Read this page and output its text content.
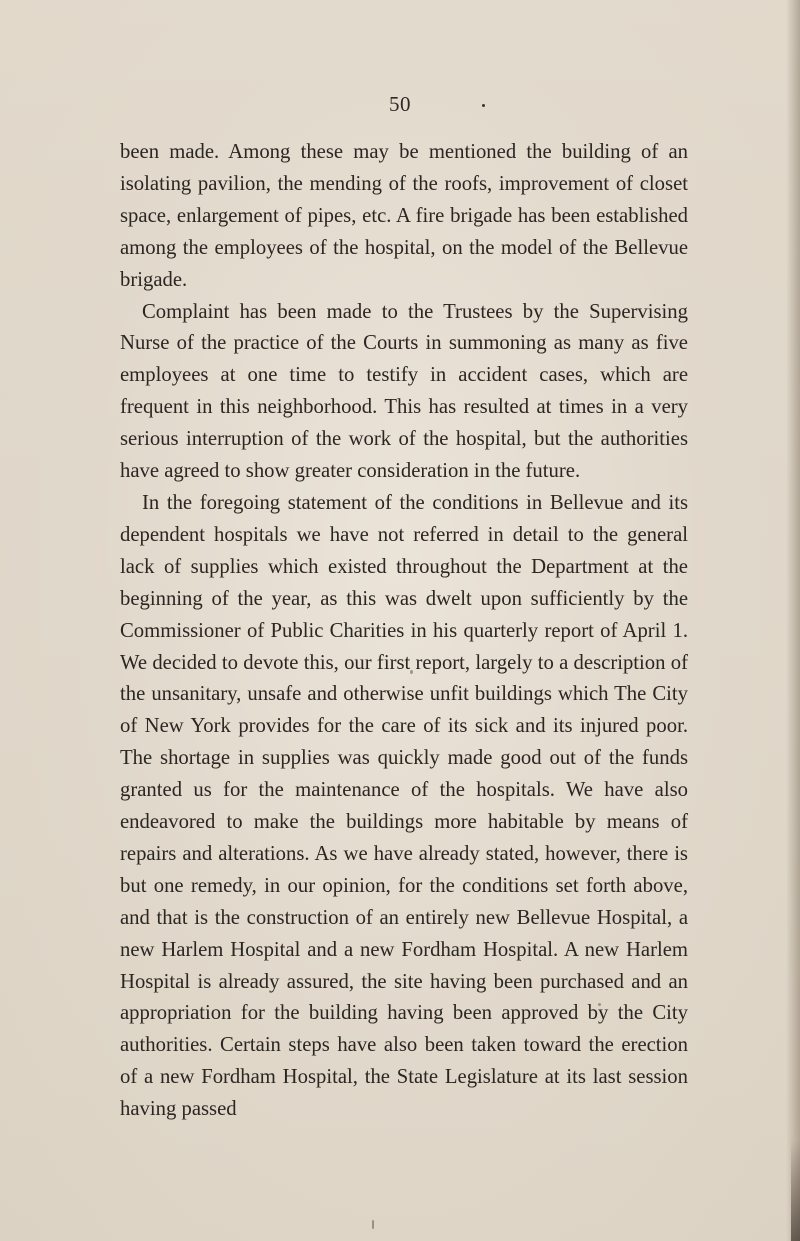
50

been made. Among these may be mentioned the building of an isolating pavilion, the mending of the roofs, improvement of closet space, enlargement of pipes, etc. A fire brigade has been established among the employees of the hospital, on the model of the Bellevue brigade.

Complaint has been made to the Trustees by the Supervising Nurse of the practice of the Courts in summoning as many as five employees at one time to testify in accident cases, which are frequent in this neighborhood. This has resulted at times in a very serious interruption of the work of the hospital, but the authorities have agreed to show greater consideration in the future.

In the foregoing statement of the conditions in Bellevue and its dependent hospitals we have not referred in detail to the general lack of supplies which existed throughout the Department at the beginning of the year, as this was dwelt upon sufficiently by the Commissioner of Public Charities in his quarterly report of April 1. We decided to devote this, our first report, largely to a description of the unsanitary, unsafe and otherwise unfit buildings which The City of New York provides for the care of its sick and its injured poor. The shortage in supplies was quickly made good out of the funds granted us for the maintenance of the hospitals. We have also endeavored to make the buildings more habitable by means of repairs and alterations. As we have already stated, however, there is but one remedy, in our opinion, for the conditions set forth above, and that is the construction of an entirely new Bellevue Hospital, a new Harlem Hospital and a new Fordham Hospital. A new Harlem Hospital is already assured, the site having been purchased and an appropriation for the building having been approved by the City authorities. Certain steps have also been taken toward the erection of a new Fordham Hospital, the State Legislature at its last session having passed
